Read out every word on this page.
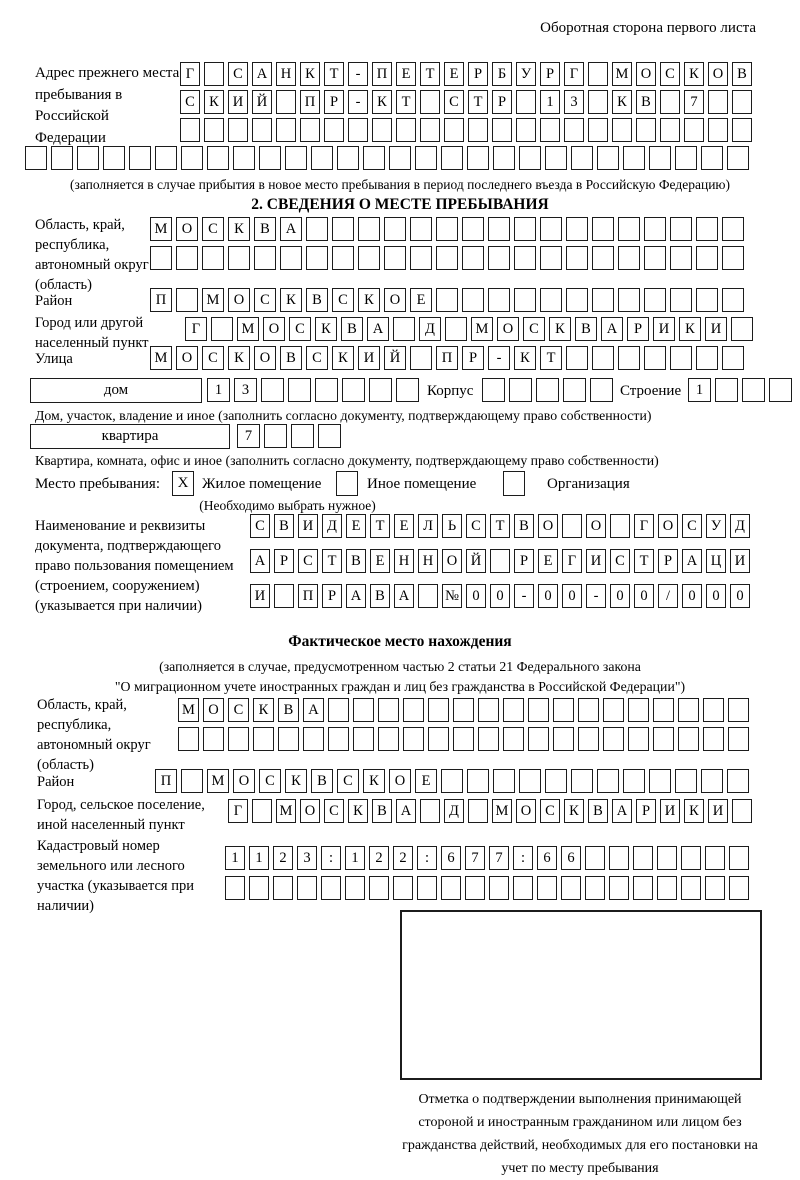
Оборотная сторона первого листа
Адрес прежнего места пребывания в Российской Федерации
Г	С А Н К	Т	-	П Е	Т	Е	Р	Б	У	Р	Г	М О С К О В
С К И Й	П	Р	-	К	Т	С	Т	Р	1	3	К В	7
(заполняется в случае прибытия в новое место пребывания в период последнего въезда в Российскую Федерацию)
2. СВЕДЕНИЯ О МЕСТЕ ПРЕБЫВАНИЯ
Область, край, республика, автономный округ (область)
М О	С	К	В	А
Район	П	М О	С	К	В	С	К	О	Е
Город или другой населенный пункт
Г	М О	С	К	В	А	Д	М О	С	К	В	А	Р	И	К	И
Улица	М О	С	К	О	В	С	К	И	Й	П	Р	-	К	Т
дом	1	3	Корпус	Строение	1
Дом, участок, владение и иное (заполнить согласно документу, подтверждающему право собственности)
квартира	7
Квартира, комната, офис и иное (заполнить согласно документу, подтверждающему право собственности)
Место пребывания:	X Жилое помещение	Иное помещение	Организация
(Необходимо выбрать нужное)
Наименование и реквизиты документа, подтверждающего право пользования помещением (строением, сооружением) (указывается при наличии)
С В И Д	Е	Т	Е	Л	Ь	С	Т	В О	О	Г	О С У Д
А	Р	С	Т	В	Е Н Н О Й	Р	Е	Г	И С	Т	Р	А Ц И
И	П	Р	А В А	№ 0	0	-	0	0	-	0	0	/	0	0	0
Фактическое место нахождения
(заполняется в случае, предусмотренном частью 2 статьи 21 Федерального закона
"О миграционном учете иностранных граждан и лиц без гражданства в Российской Федерации")
Область, край, республика, автономный округ (область)
М О	С	К	В	А
Район	П	М О	С	К	В	С	К	О	Е
Город, сельское поселение, иной населенный пункт
Г	М О С К В А	Д	М О С К В А	Р	И К И
Кадастровый номер земельного или лесного участка (указывается при наличии)
1	1	2	3	:	1	2	2	:	6	7	7	:	6	6
Отметка о подтверждении выполнения принимающей стороной и иностранным гражданином или лицом без гражданства действий, необходимых для его постановки на учет по месту пребывания
